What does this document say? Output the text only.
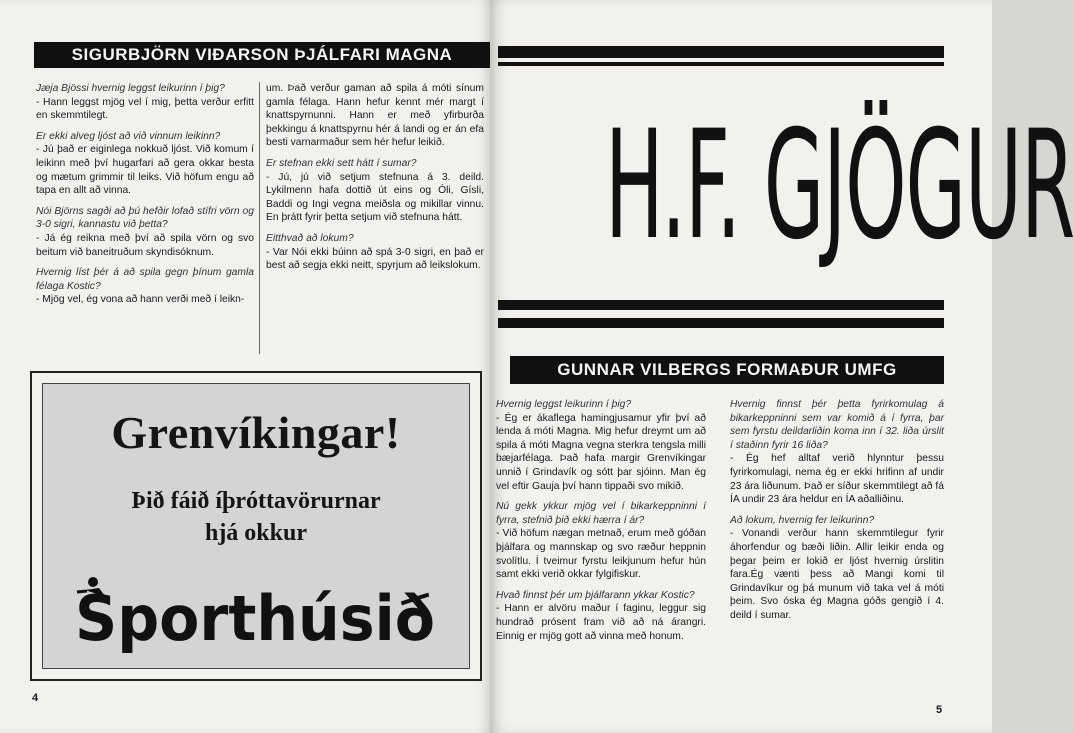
SIGURBJÖRN VIÐARSON ÞJÁLFARI MAGNA

Jæja Bjössi hvernig leggst leikurinn í þig?
- Hann leggst mjög vel í mig, þetta verður erfitt en skemmtilegt.

Er ekki alveg ljóst að við vinnum leikinn?
- Jú það er eiginlega nokkuð ljóst. Við komum í leikinn með því hugarfari að gera okkar besta og mætum grimmir til leiks. Við höfum engu að tapa en allt að vinna.

Nói Björns sagði að þú hefðir lofað stífri vörn og 3-0 sigri, kannastu við þetta?
- Já ég reikna með því að spila vörn og svo beitum við baneitruðum skyndisóknum.

Hvernig líst þér á að spila gegn þínum gamla félaga Kostic?
- Mjög vel, ég vona að hann verði með í leikn-

um. Það verður gaman að spila á móti sínum gamla félaga. Hann hefur kennt mér margt í knattspyrnunni. Hann er með yfirburða þekkingu á knattspyrnu hér á landi og er án efa besti varnarmaður sem hér hefur leikið.

Er stefnan ekki sett hátt í sumar?
- Jú, jú við setjum stefnuna á 3. deild. Lykilmenn hafa dottið út eins og Óli, Gísli, Baddi og Ingi vegna meiðsla og mikillar vinnu. En þrátt fyrir þetta setjum við stefnuna hátt.

Eitthvað að lokum?
- Var Nói ekki búinn að spá 3-0 sigri, en það er best að segja ekki neitt, spyrjum að leikslokum.

Grenvíkingar!
Þið fáið íþróttavörurnar
hjá okkur
Sporthúsið
4
H.F. GJÖGUR
GUNNAR VILBERGS FORMAÐUR UMFG

Hvernig leggst leikurinn í þig?
- Ég er ákaflega hamingjusamur yfir því að lenda á móti Magna. Mig hefur dreymt um að spila á móti Magna vegna sterkra tengsla milli bæjarfélaga. Það hafa margir Grenvíkingar unnið í Grindavík og sótt þar sjóinn. Man ég vel eftir Gauja því hann tippaði svo mikið.

Nú gekk ykkur mjög vel í bikarkeppninni í fyrra, stefnið þið ekki hærra í ár?
- Við höfum nægan metnað, erum með góðan þjálfara og mannskap og svo ræður heppnin svolítlu. Í tveimur fyrstu leikjunum hefur hún samt ekki verið okkar fylgifiskur.

Hvað finnst þér um þjálfarann ykkar Kostic?
- Hann er alvöru maður í faginu, leggur sig hundrað prósent fram við að ná árangri. Einnig er mjög gott að vinna með honum.

Hvernig finnst þér þetta fyrirkomulag á bikarkeppninni sem var komið á í fyrra, þar sem fyrstu deildarliðin koma inn í 32. liða úrslit í staðinn fyrir 16 liða?
- Ég hef alltaf verið hlynntur þessu fyrirkomulagi, nema ég er ekki hrifinn af undir 23 ára liðunum. Það er síður skemmtilegt að fá ÍA undir 23 ára heldur en ÍA aðalliðinu.

Að lokum, hvernig fer leikurinn?
- Vonandi verður hann skemmtilegur fyrir áhorfendur og bæði liðin. Allir leikir enda og þegar þeim er lokið er ljóst hvernig úrslitin fara.Ég vænti þess að Mangi komi til Grindavíkur og þá munum við taka vel á móti þeim. Svo óska ég Magna góðs gengið í 4. deild í sumar.

5
